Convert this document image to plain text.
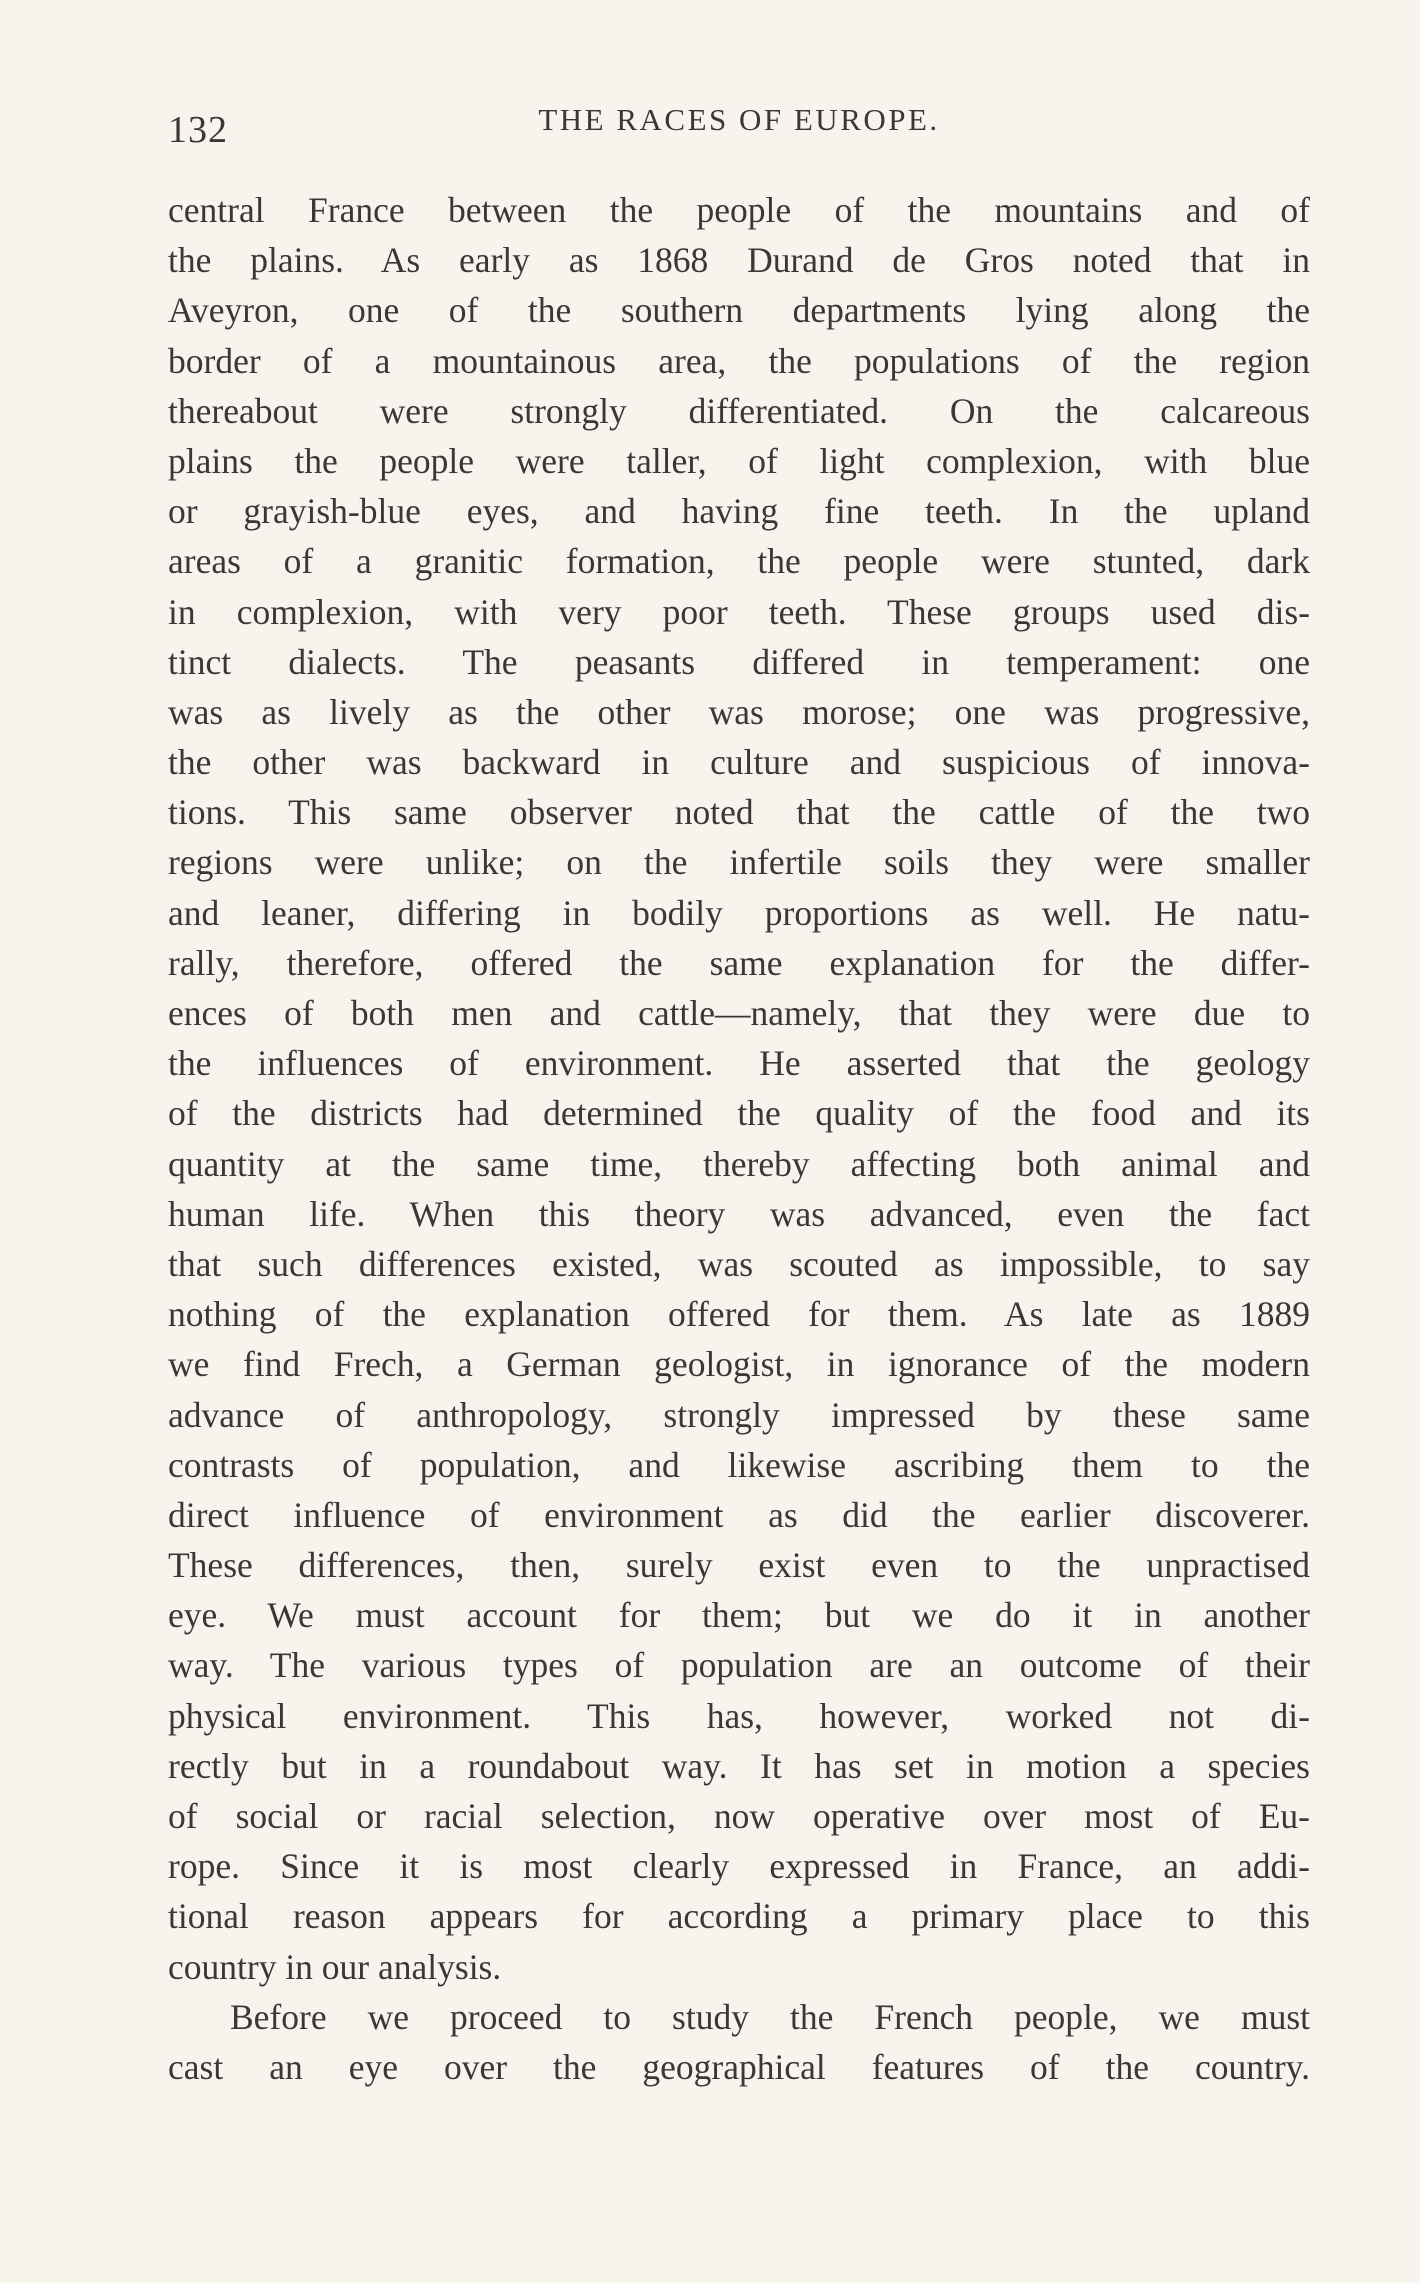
132	THE RACES OF EUROPE.
central France between the people of the mountains and of
the plains. As early as 1868 Durand de Gros noted that in
Aveyron, one of the southern departments lying along the
border of a mountainous area, the populations of the region
thereabout were strongly differentiated. On the calcareous
plains the people were taller, of light complexion, with blue
or grayish-blue eyes, and having fine teeth. In the upland
areas of a granitic formation, the people were stunted, dark
in complexion, with very poor teeth. These groups used dis-
tinct dialects. The peasants differed in temperament: one
was as lively as the other was morose; one was progressive,
the other was backward in culture and suspicious of innova-
tions. This same observer noted that the cattle of the two
regions were unlike; on the infertile soils they were smaller
and leaner, differing in bodily proportions as well. He natu-
rally, therefore, offered the same explanation for the differ-
ences of both men and cattle—namely, that they were due to
the influences of environment. He asserted that the geology
of the districts had determined the quality of the food and its
quantity at the same time, thereby affecting both animal and
human life. When this theory was advanced, even the fact
that such differences existed, was scouted as impossible, to say
nothing of the explanation offered for them. As late as 1889
we find Frech, a German geologist, in ignorance of the modern
advance of anthropology, strongly impressed by these same
contrasts of population, and likewise ascribing them to the
direct influence of environment as did the earlier discoverer.
These differences, then, surely exist even to the unpractised
eye. We must account for them; but we do it in another
way. The various types of population are an outcome of their
physical environment. This has, however, worked not di-
rectly but in a roundabout way. It has set in motion a species
of social or racial selection, now operative over most of Eu-
rope. Since it is most clearly expressed in France, an addi-
tional reason appears for according a primary place to this
country in our analysis.
Before we proceed to study the French people, we must
cast an eye over the geographical features of the country.
